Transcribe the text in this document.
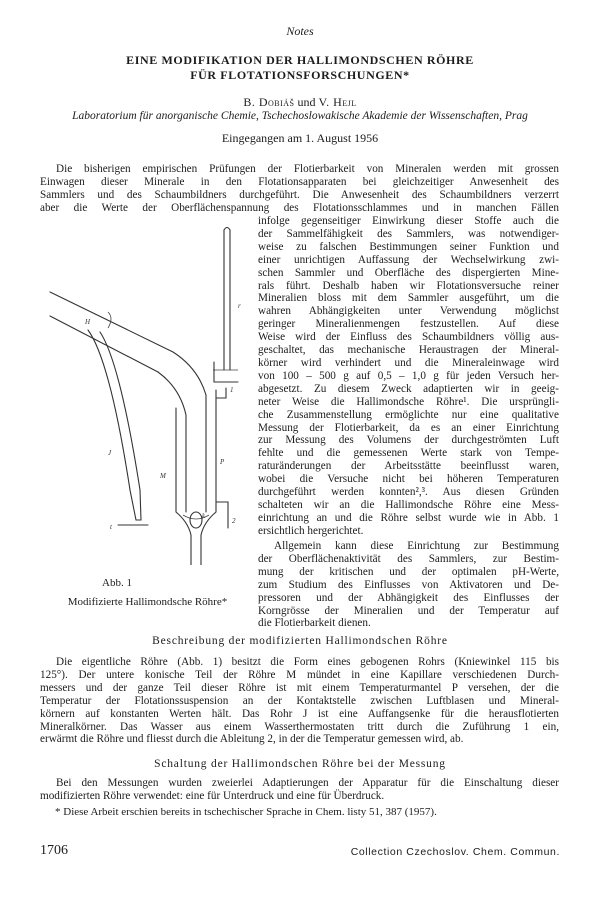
Notes
EINE MODIFIKATION DER HALLIMONDSCHEN RÖHRE
FÜR FLOTATIONSFORSCHUNGEN*
B. Dobiáš und V. Hejl
Laboratorium für anorganische Chemie, Tschechoslowakische Akademie der Wissenschaften, Prag
Eingegangen am 1. August 1956
Die bisherigen empirischen Prüfungen der Flotierbarkeit von Mineralen werden mit grossen
Einwagen dieser Minerale in den Flotationsapparaten bei gleichzeitiger Anwesenheit des
Sammlers und des Schaumbildners durchgeführt. Die Anwesenheit des Schaumbildners verzerrt
aber die Werte der Oberflächenspannung des Flotationsschlammes und in manchen Fällen
H
r
M
J
P
1
2
k
t
Abb. 1
Modifizierte Hallimondsche Röhre*
infolge gegenseitiger Einwirkung dieser Stoffe auch die
der Sammelfähigkeit des Sammlers, was notwendiger-
weise zu falschen Bestimmungen seiner Funktion und
einer unrichtigen Auffassung der Wechselwirkung zwi-
schen Sammler und Oberfläche des dispergierten Mine-
rals führt. Deshalb haben wir Flotationsversuche reiner
Mineralien bloss mit dem Sammler ausgeführt, um die
wahren Abhängigkeiten unter Verwendung möglichst
geringer Mineralienmengen festzustellen. Auf diese
Weise wird der Einfluss des Schaumbildners völlig aus-
geschaltet, das mechanische Heraustragen der Mineral-
körner wird verhindert und die Mineraleinwage wird
von 100 – 500 g auf 0,5 – 1,0 g für jeden Versuch her-
abgesetzt. Zu diesem Zweck adaptierten wir in geeig-
neter Weise die Hallimondsche Röhre¹. Die ursprüngli-
che Zusammenstellung ermöglichte nur eine qualitative
Messung der Flotierbarkeit, da es an einer Einrichtung
zur Messung des Volumens der durchgeströmten Luft
fehlte und die gemessenen Werte stark von Tempe-
raturänderungen der Arbeitsstätte beeinflusst waren,
wobei die Versuche nicht bei höheren Temperaturen
durchgeführt werden konnten²,³. Aus diesen Gründen
schalteten wir an die Hallimondsche Röhre eine Mess-
einrichtung an und die Röhre selbst wurde wie in Abb. 1
ersichtlich hergerichtet.
Allgemein kann diese Einrichtung zur Bestimmung
der Oberflächenaktivität des Sammlers, zur Bestim-
mung der kritischen und der optimalen pH-Werte,
zum Studium des Einflusses von Aktivatoren und De-
pressoren und der Abhängigkeit des Einflusses der
Korngrösse der Mineralien und der Temperatur auf
die Flotierbarkeit dienen.
Beschreibung der modifizierten Hallimondschen Röhre
Die eigentliche Röhre (Abb. 1) besitzt die Form eines gebogenen Rohrs (Kniewinkel 115 bis
125°). Der untere konische Teil der Röhre M mündet in eine Kapillare verschiedenen Durch-
messers und der ganze Teil dieser Röhre ist mit einem Temperaturmantel P versehen, der die
Temperatur der Flotationssuspension an der Kontaktstelle zwischen Luftblasen und Mineral-
körnern auf konstanten Werten hält. Das Rohr J ist eine Auffangsenke für die herausflotierten
Mineralkörner. Das Wasser aus einem Wasserthermostaten tritt durch die Zuführung 1 ein,
erwärmt die Röhre und fliesst durch die Ableitung 2, in der die Temperatur gemessen wird, ab.
Schaltung der Hallimondschen Röhre bei der Messung
Bei den Messungen wurden zweierlei Adaptierungen der Apparatur für die Einschaltung dieser
modifizierten Röhre verwendet: eine für Unterdruck und eine für Überdruck.
* Diese Arbeit erschien bereits in tschechischer Sprache in Chem. listy 51, 387 (1957).
1706	Collection Czechoslov. Chem. Commun.
